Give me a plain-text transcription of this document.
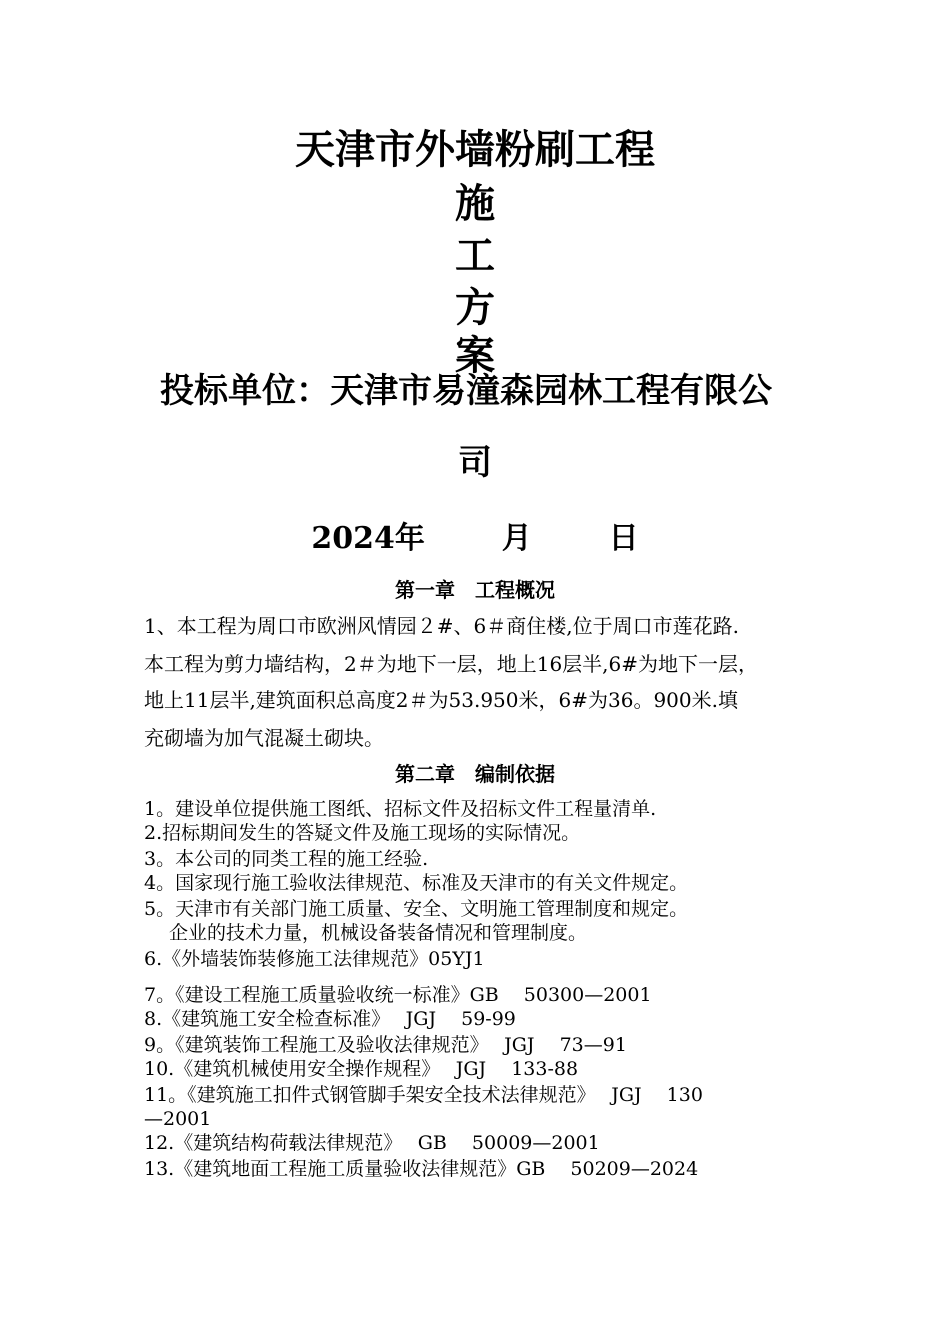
天津市外墙粉刷工程
施
工
方
案
投标单位：天津市易潼森园林工程有限公
司
2024年	月	日
第一章　工程概况
1、本工程为周口市欧洲风情园２#、6＃商住楼,位于周口市莲花路.
本工程为剪力墙结构，2＃为地下一层，地上16层半,6#为地下一层，
地上11层半,建筑面积总高度2＃为53.950米，6#为36。900米.填
充砌墙为加气混凝土砌块。
第二章　编制依据
1。建设单位提供施工图纸、招标文件及招标文件工程量清单.
2.招标期间发生的答疑文件及施工现场的实际情况。
3。本公司的同类工程的施工经验.
4。国家现行施工验收法律规范、标准及天津市的有关文件规定。
5。天津市有关部门施工质量、安全、文明施工管理制度和规定。
　 企业的技术力量，机械设备装备情况和管理制度。
6.《外墙装饰装修施工法律规范》05YJ1
7。《建设工程施工质量验收统一标准》GB　 50300—2001
8.《建筑施工安全检查标准》　 JGJ　 59-99
9。《建筑装饰工程施工及验收法律规范》　 JGJ　 73—91
10.《建筑机械使用安全操作规程》　 JGJ　 133-88
11。《建筑施工扣件式钢管脚手架安全技术法律规范》　 JGJ　 130
—2001
12.《建筑结构荷载法律规范》　 GB　 50009—2001
13.《建筑地面工程施工质量验收法律规范》GB　 50209—2024
